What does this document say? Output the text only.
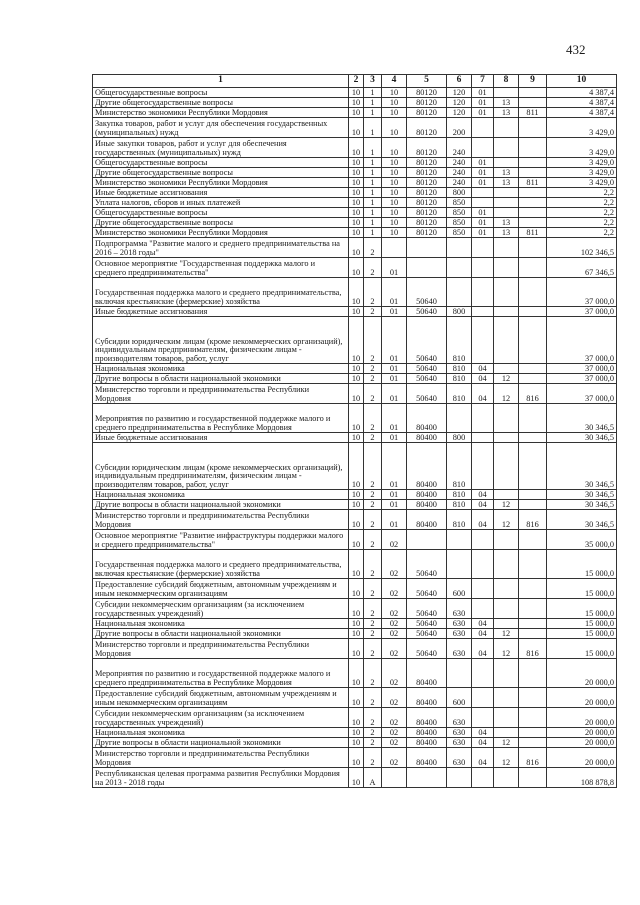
432
1	2	3	4	5	6	7	8	9	10
Общегосударственные вопросы	10	1	10	80120	120	01			4 387,4
Другие общегосударственные вопросы	10	1	10	80120	120	01	13		4 387,4
Министерство экономики Республики Мордовия	10	1	10	80120	120	01	13	811	4 387,4
Закупка товаров, работ и услуг для обеспечения государственных (муниципальных) нужд	10	1	10	80120	200				3 429,0
Иные закупки товаров, работ и услуг для обеспечения государственных (муниципальных) нужд	10	1	10	80120	240				3 429,0
Общегосударственные вопросы	10	1	10	80120	240	01			3 429,0
Другие общегосударственные вопросы	10	1	10	80120	240	01	13		3 429,0
Министерство экономики Республики Мордовия	10	1	10	80120	240	01	13	811	3 429,0
Иные бюджетные ассигнования	10	1	10	80120	800				2,2
Уплата налогов, сборов и иных платежей	10	1	10	80120	850				2,2
Общегосударственные вопросы	10	1	10	80120	850	01			2,2
Другие общегосударственные вопросы	10	1	10	80120	850	01	13		2,2
Министерство экономики Республики Мордовия	10	1	10	80120	850	01	13	811	2,2
Подпрограмма "Развитие малого и среднего предпринимательства на 2016 – 2018 годы"	10	2							102 346,5
Основное мероприятие "Государственная поддержка малого и среднего предпринимательства"	10	2	01						67 346,5
Государственная поддержка малого и среднего предпринимательства, включая крестьянские (фермерские) хозяйства	10	2	01	50640					37 000,0
Иные бюджетные ассигнования	10	2	01	50640	800				37 000,0
Субсидии юридическим лицам (кроме некоммерческих организаций), индивидуальным предпринимателям, физическим лицам - производителям товаров, работ, услуг	10	2	01	50640	810				37 000,0
Национальная экономика	10	2	01	50640	810	04			37 000,0
Другие вопросы в области национальной экономики	10	2	01	50640	810	04	12		37 000,0
Министерство торговли и предпринимательства Республики Мордовия	10	2	01	50640	810	04	12	816	37 000,0
Мероприятия по развитию и государственной поддержке малого и среднего предпринимательства в Республике Мордовия	10	2	01	80400					30 346,5
Иные бюджетные ассигнования	10	2	01	80400	800				30 346,5
Субсидии юридическим лицам (кроме некоммерческих организаций), индивидуальным предпринимателям, физическим лицам - производителям товаров, работ, услуг	10	2	01	80400	810				30 346,5
Национальная экономика	10	2	01	80400	810	04			30 346,5
Другие вопросы в области национальной экономики	10	2	01	80400	810	04	12		30 346,5
Министерство торговли и предпринимательства Республики Мордовия	10	2	01	80400	810	04	12	816	30 346,5
Основное мероприятие "Развитие инфраструктуры поддержки малого и среднего предпринимательства"	10	2	02						35 000,0
Государственная поддержка малого и среднего предпринимательства, включая крестьянские (фермерские) хозяйства	10	2	02	50640					15 000,0
Предоставление субсидий бюджетным, автономным учреждениям и иным некоммерческим организациям	10	2	02	50640	600				15 000,0
Субсидии некоммерческим организациям (за исключением государственных учреждений)	10	2	02	50640	630				15 000,0
Национальная экономика	10	2	02	50640	630	04			15 000,0
Другие вопросы в области национальной экономики	10	2	02	50640	630	04	12		15 000,0
Министерство торговли и предпринимательства Республики Мордовия	10	2	02	50640	630	04	12	816	15 000,0
Мероприятия по развитию и государственной поддержке малого и среднего предпринимательства в Республике Мордовия	10	2	02	80400					20 000,0
Предоставление субсидий бюджетным, автономным учреждениям и иным некоммерческим организациям	10	2	02	80400	600				20 000,0
Субсидии некоммерческим организациям (за исключением государственных учреждений)	10	2	02	80400	630				20 000,0
Национальная экономика	10	2	02	80400	630	04			20 000,0
Другие вопросы в области национальной экономики	10	2	02	80400	630	04	12		20 000,0
Министерство торговли и предпринимательства Республики Мордовия	10	2	02	80400	630	04	12	816	20 000,0
Республиканская целевая программа развития Республики Мордовия на 2013 - 2018 годы	10	А							108 878,8
